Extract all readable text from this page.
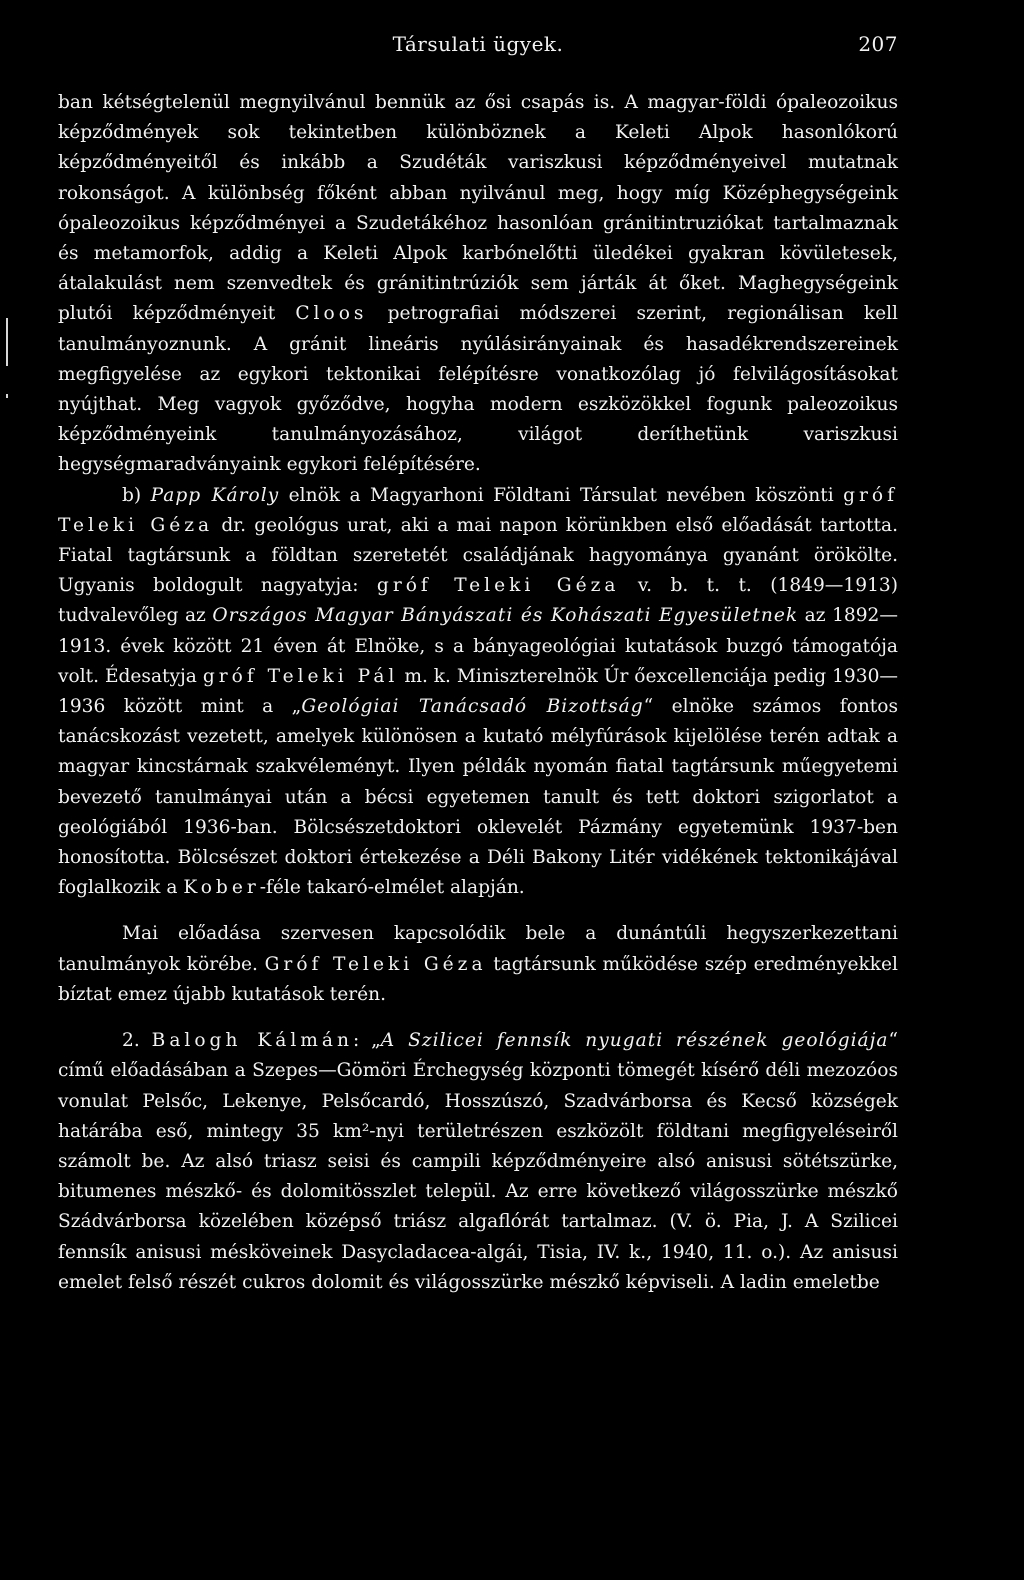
Társulati ügyek.	207

ban kétségtelenül megnyilvánul bennük az ősi csapás is. A magyar-földi ópaleozoikus képződmények sok tekintetben különböznek a Keleti Alpok hasonlókorú képződményeitől és inkább a Szudéták variszkusi képződményeivel mutatnak rokonságot. A különbség főként abban nyilvánul meg, hogy míg Középhegységeink ópaleozoikus képződményei a Szudetákéhoz hasonlóan gránitintruziókat tartalmaznak és metamorfok, addig a Keleti Alpok karbónelőtti üledékei gyakran kövületesek, átalakulást nem szenvedtek és gránitintrúziók sem járták át őket. Maghegységeink plutói képződményeit Cloos petrografiai módszerei szerint, regionálisan kell tanulmányoznunk. A gránit lineáris nyúlásirányainak és hasadékrendszereinek megfigyelése az egykori tektonikai felépítésre vonatkozólag jó felvilágosításokat nyújthat. Meg vagyok győződve, hogyha modern eszközökkel fogunk paleozoikus képződményeink tanulmányozásához, világot deríthetünk variszkusi hegységmaradványaink egykori felépítésére.

b) Papp Károly elnök a Magyarhoni Földtani Társulat nevében köszönti gróf Teleki Géza dr. geológus urat, aki a mai napon körünkben első előadását tartotta. Fiatal tagtársunk a földtan szeretetét családjának hagyománya gyanánt örökölte. Ugyanis boldogult nagyatyja: gróf Teleki Géza v. b. t. t. (1849—1913) tudvalevőleg az Országos Magyar Bányászati és Kohászati Egyesületnek az 1892—1913. évek között 21 éven át Elnöke, s a bányageológiai kutatások buzgó támogatója volt. Édesatyja gróf Teleki Pál m. k. Miniszterelnök Úr őexcellenciája pedig 1930—1936 között mint a „Geológiai Tanácsadó Bizottság“ elnöke számos fontos tanácskozást vezetett, amelyek különösen a kutató mélyfúrások kijelölése terén adtak a magyar kincstárnak szakvéleményt. Ilyen példák nyomán fiatal tagtársunk műegyetemi bevezető tanulmányai után a bécsi egyetemen tanult és tett doktori szigorlatot a geológiából 1936-ban. Bölcsészetdoktori oklevelét Pázmány egyetemünk 1937-ben honosította. Bölcsészet doktori értekezése a Déli Bakony Litér vidékének tektonikájával foglalkozik a Kober-féle takaró-elmélet alapján.

Mai előadása szervesen kapcsolódik bele a dunántúli hegyszerkezettani tanulmányok körébe. Gróf Teleki Géza tagtársunk működése szép eredményekkel bíztat emez újabb kutatások terén.

2. Balogh Kálmán: „A Szilicei fennsík nyugati részének geológiája“ című előadásában a Szepes—Gömöri Érchegység központi tömegét kísérő déli mezozóos vonulat Pelsőc, Lekenye, Pelsőcardó, Hosszúszó, Szadvárborsa és Kecső községek határába eső, mintegy 35 km²-nyi területrészen eszközölt földtani megfigyeléseiről számolt be. Az alsó triasz seisi és campili képződményeire alsó anisusi sötétszürke, bitumenes mészkő- és dolomitösszlet települ. Az erre következő világosszürke mészkő Szádvárborsa közelében középső triász algaflórát tartalmaz. (V. ö. Pia, J. A Szilicei fennsík anisusi mésköveinek Dasycladacea-algái, Tisia, IV. k., 1940, 11. o.). Az anisusi emelet felső részét cukros dolomit és világosszürke mészkő képviseli. A ladin emeletbe
